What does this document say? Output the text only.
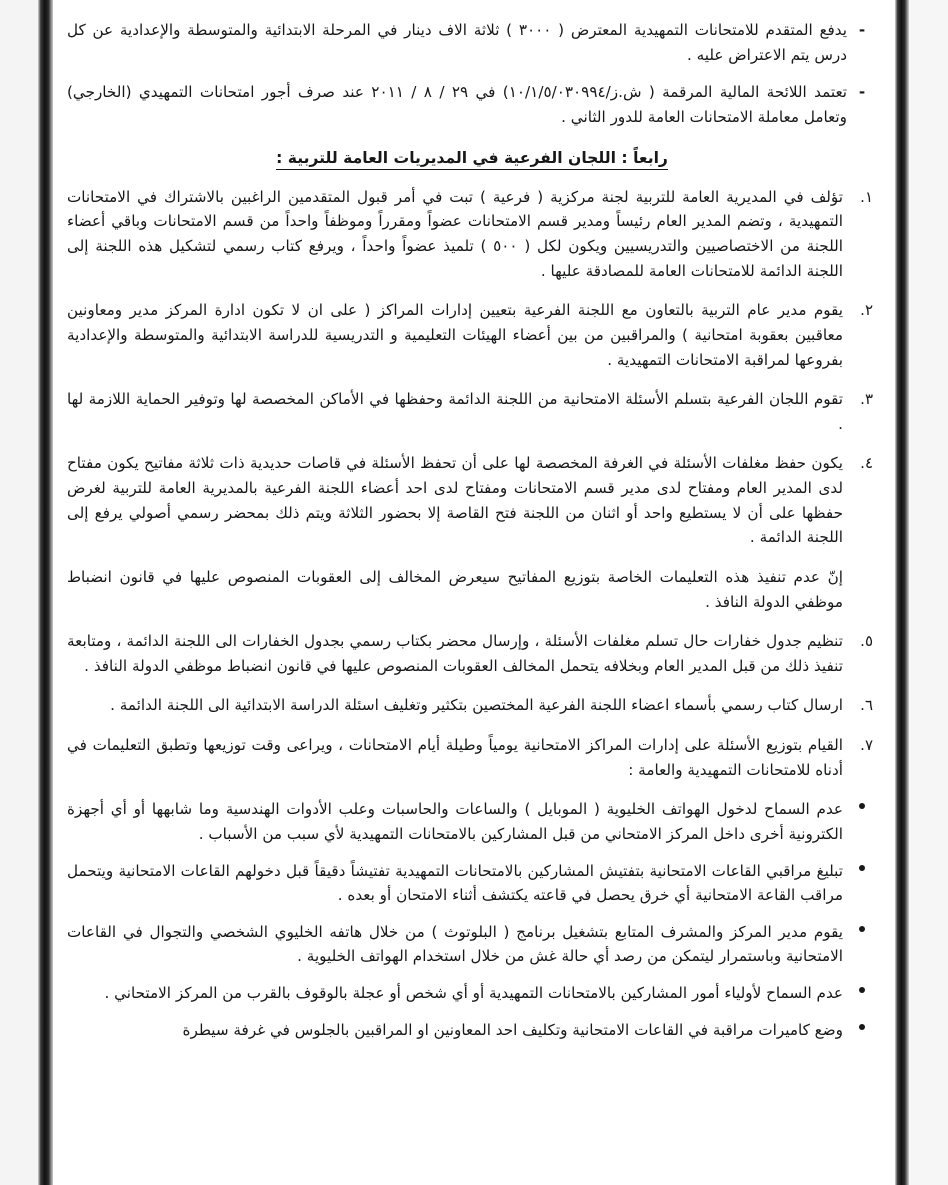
-
يدفع المتقدم للامتحانات التمهيدية المعترض ( ٣٠٠٠ ) ثلاثة الاف دينار في المرحلة الابتدائية والمتوسطة والإعدادية عن كل درس يتم الاعتراض عليه .
-
تعتمد اللائحة المالية المرقمة ( ش.ز/١٠/١/٥/٠٣٠٩٩٤) في ٢٩ / ٨ / ٢٠١١ عند صرف أجور امتحانات التمهيدي (الخارجي) وتعامل معاملة الامتحانات العامة للدور الثاني .
رابعاً : اللجان الفرعية في المديريات العامة للتربية :
١.
تؤلف في المديرية العامة للتربية لجنة مركزية ( فرعية ) تبت في أمر قبول المتقدمين الراغبين بالاشتراك في الامتحانات التمهيدية ، وتضم المدير العام رئيساً ومدير قسم الامتحانات عضواً ومقرراً وموظفاً واحداً من قسم الامتحانات وباقي أعضاء اللجنة من الاختصاصيين والتدريسيين ويكون لكل ( ٥٠٠ ) تلميذ عضواً واحداً ، ويرفع كتاب رسمي لتشكيل هذه اللجنة إلى اللجنة الدائمة للامتحانات العامة للمصادقة عليها .
٢.
يقوم مدير عام التربية بالتعاون مع اللجنة الفرعية بتعيين إدارات المراكز ( على ان لا تكون ادارة المركز مدير ومعاونين معاقبين بعقوبة امتحانية ) والمراقبين من بين أعضاء الهيئات التعليمية و التدريسية للدراسة الابتدائية والمتوسطة والإعدادية بفروعها لمراقبة الامتحانات التمهيدية .
٣.
تقوم اللجان الفرعية بتسلم الأسئلة الامتحانية من اللجنة الدائمة وحفظها في الأماكن المخصصة لها وتوفير الحماية اللازمة لها .
٤.
يكون حفظ مغلفات الأسئلة في الغرفة المخصصة لها على أن تحفظ الأسئلة في قاصات حديدية ذات ثلاثة مفاتيح يكون مفتاح لدى المدير العام ومفتاح لدى مدير قسم الامتحانات ومفتاح لدى احد أعضاء اللجنة الفرعية بالمديرية العامة للتربية لغرض حفظها على أن لا يستطيع واحد أو اثنان من اللجنة فتح القاصة إلا بحضور الثلاثة ويتم ذلك بمحضر رسمي أصولي يرفع إلى اللجنة الدائمة .

إنّ عدم تنفيذ هذه التعليمات الخاصة بتوزيع المفاتيح سيعرض المخالف إلى العقوبات المنصوص عليها في قانون انضباط موظفي الدولة النافذ .

٥.
تنظيم جدول خفارات حال تسلم مغلفات الأسئلة ، وإرسال محضر بكتاب رسمي بجدول الخفارات الى اللجنة الدائمة ، ومتابعة تنفيذ ذلك من قبل المدير العام وبخلافه يتحمل المخالف العقوبات المنصوص عليها في قانون انضباط موظفي الدولة النافذ .
٦.
ارسال كتاب رسمي بأسماء اعضاء اللجنة الفرعية المختصين بتكثير وتغليف اسئلة الدراسة الابتدائية الى اللجنة الدائمة .
٧.
القيام بتوزيع الأسئلة على إدارات المراكز الامتحانية يومياً وطيلة أيام الامتحانات ، ويراعى وقت توزيعها وتطبق التعليمات في أدناه للامتحانات التمهيدية والعامة :
عدم السماح لدخول الهواتف الخليوية ( الموبايل ) والساعات والحاسبات وعلب الأدوات الهندسية وما شابهها أو أي أجهزة الكترونية أخرى داخل المركز الامتحاني من قبل المشاركين بالامتحانات التمهيدية لأي سبب من الأسباب .
تبليغ مراقبي القاعات الامتحانية بتفتيش المشاركين بالامتحانات التمهيدية تفتيشاً دقيقاً قبل دخولهم القاعات الامتحانية ويتحمل مراقب القاعة الامتحانية أي خرق يحصل في قاعته يكتشف أثناء الامتحان أو بعده .
يقوم مدير المركز والمشرف المتابع بتشغيل برنامج ( البلوتوث ) من خلال هاتفه الخليوي الشخصي والتجوال في القاعات الامتحانية وباستمرار ليتمكن من رصد أي حالة غش من خلال استخدام الهواتف الخليوية .
عدم السماح لأولياء أمور المشاركين بالامتحانات التمهيدية أو أي شخص أو عجلة بالوقوف بالقرب من المركز الامتحاني .
وضع كاميرات مراقبة في القاعات الامتحانية وتكليف احد المعاونين او المراقبين بالجلوس في غرفة سيطرة
